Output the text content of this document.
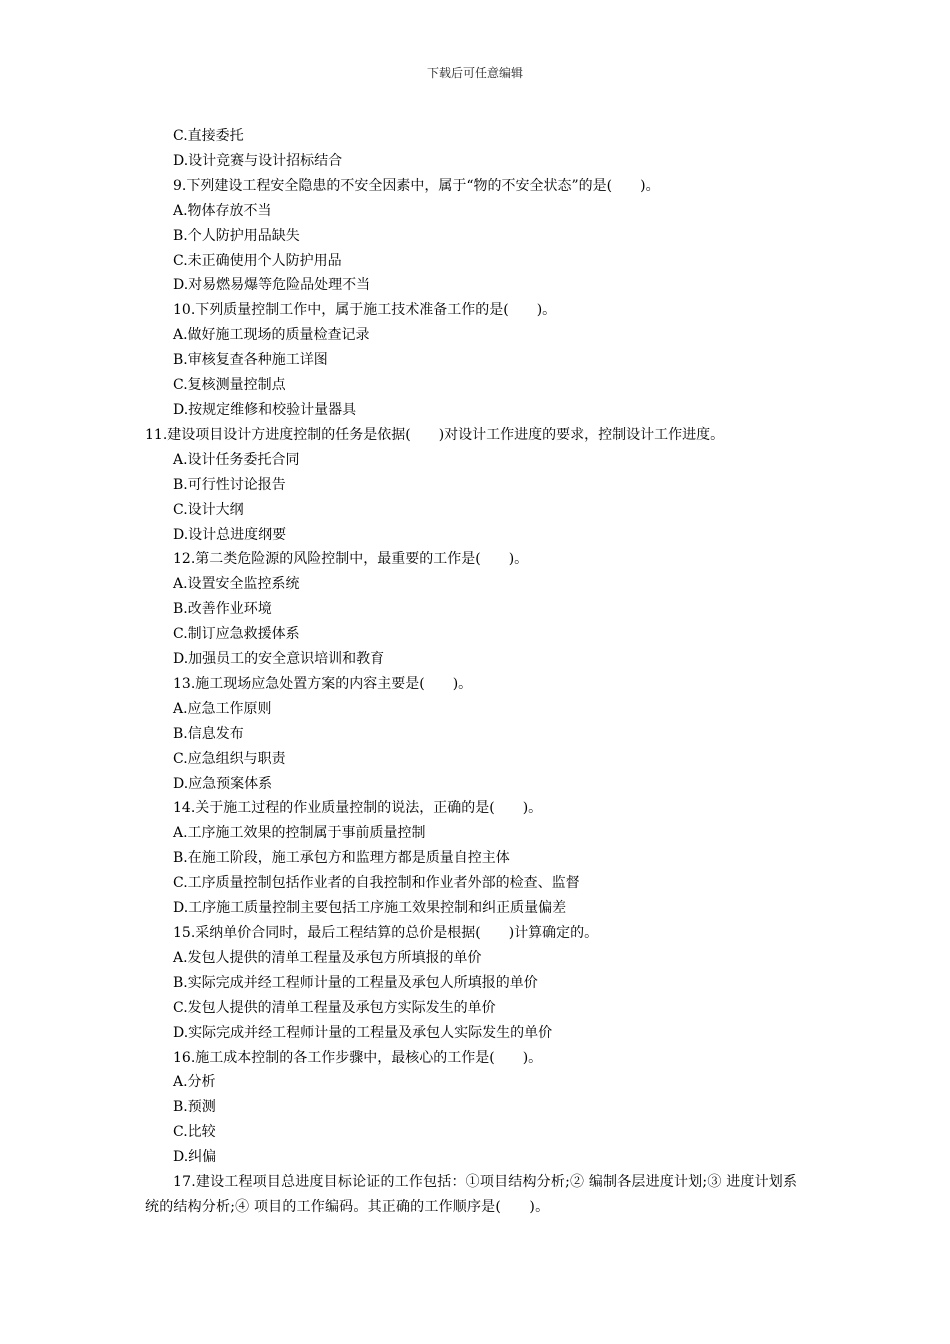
下载后可任意编辑
C.直接委托
D.设计竞赛与设计招标结合
9.下列建设工程安全隐患的不安全因素中，属于“物的不安全状态”的是(　　)。
A.物体存放不当
B.个人防护用品缺失
C.未正确使用个人防护用品
D.对易燃易爆等危险品处理不当
10.下列质量控制工作中，属于施工技术准备工作的是(　　)。
A.做好施工现场的质量检查记录
B.审核复查各种施工详图
C.复核测量控制点
D.按规定维修和校验计量器具
11.建设项目设计方进度控制的任务是依据(　　)对设计工作进度的要求，控制设计工作进度。
A.设计任务委托合同
B.可行性讨论报告
C.设计大纲
D.设计总进度纲要
12.第二类危险源的风险控制中，最重要的工作是(　　)。
A.设置安全监控系统
B.改善作业环境
C.制订应急救援体系
D.加强员工的安全意识培训和教育
13.施工现场应急处置方案的内容主要是(　　)。
A.应急工作原则
B.信息发布
C.应急组织与职责
D.应急预案体系
14.关于施工过程的作业质量控制的说法，正确的是(　　)。
A.工序施工效果的控制属于事前质量控制
B.在施工阶段，施工承包方和监理方都是质量自控主体
C.工序质量控制包括作业者的自我控制和作业者外部的检查、监督
D.工序施工质量控制主要包括工序施工效果控制和纠正质量偏差
15.采纳单价合同时，最后工程结算的总价是根据(　　)计算确定的。
A.发包人提供的清单工程量及承包方所填报的单价
B.实际完成并经工程师计量的工程量及承包人所填报的单价
C.发包人提供的清单工程量及承包方实际发生的单价
D.实际完成并经工程师计量的工程量及承包人实际发生的单价
16.施工成本控制的各工作步骤中，最核心的工作是(　　)。
A.分析
B.预测
C.比较
D.纠偏
17.建设工程项目总进度目标论证的工作包括：①项目结构分析;② 编制各层进度计划;③ 进度计划系统的结构分析;④ 项目的工作编码。其正确的工作顺序是(　　)。
